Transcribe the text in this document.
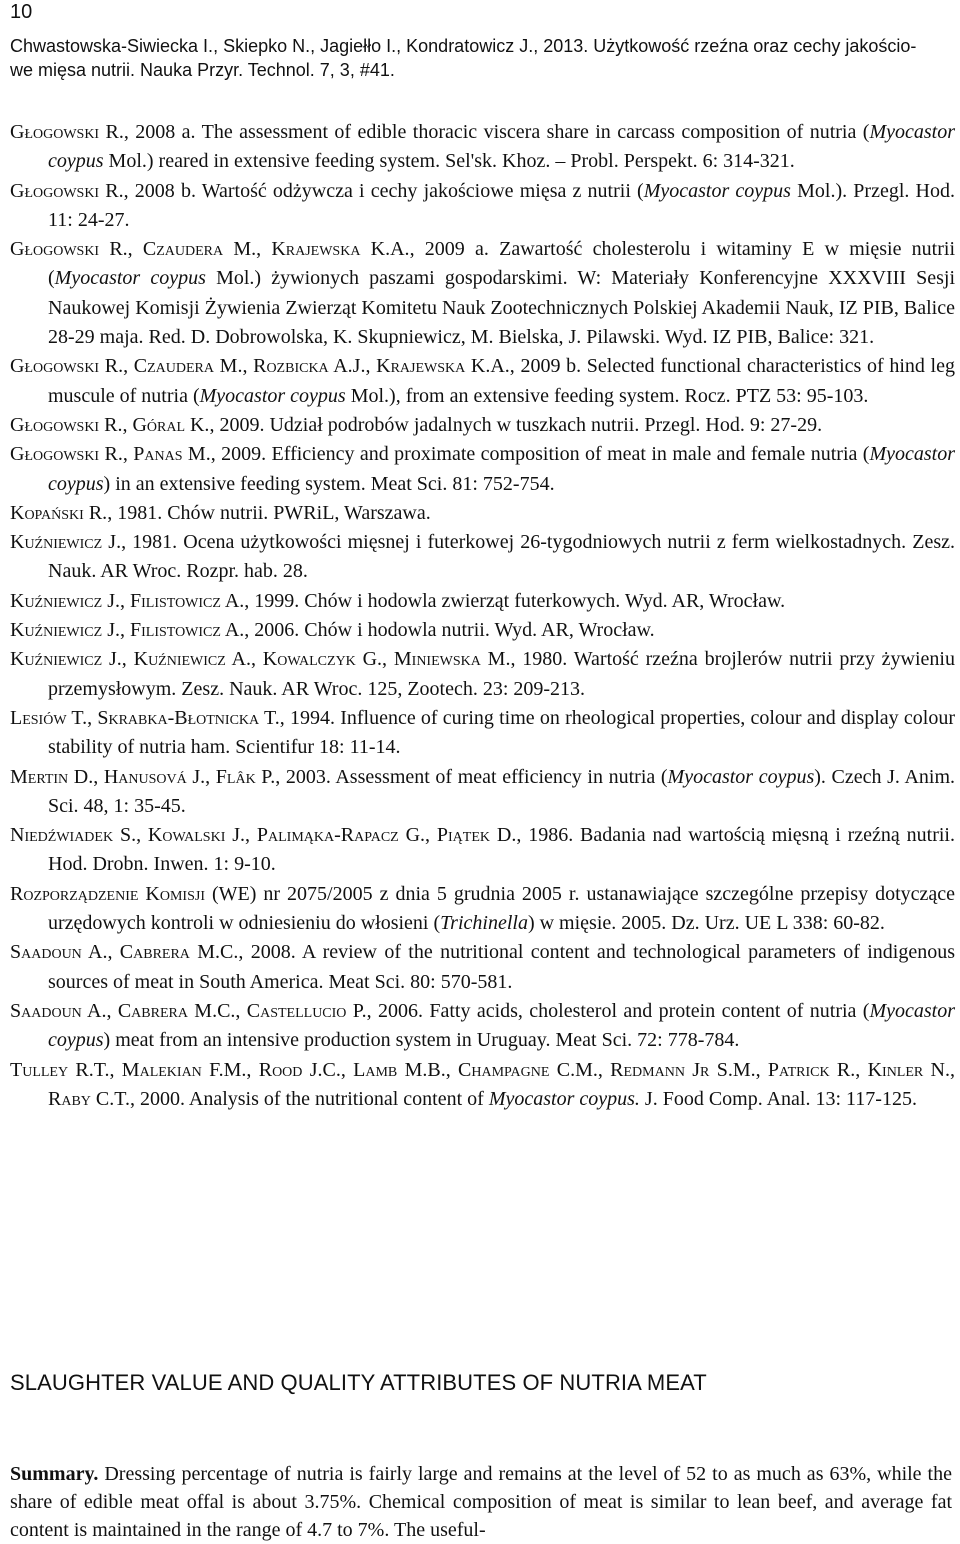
10
Chwastowska-Siwiecka I., Skiepko N., Jagiełło I., Kondratowicz J., 2013. Użytkowość rzeźna oraz cechy jakościo-
we mięsa nutrii. Nauka Przyr. Technol. 7, 3, #41.

Głogowski R., 2008 a. The assessment of edible thoracic viscera share in carcass composition of nutria (Myocastor coypus Mol.) reared in extensive feeding system. Sel'sk. Khoz. – Probl. Perspekt. 6: 314-321.

Głogowski R., 2008 b. Wartość odżywcza i cechy jakościowe mięsa z nutrii (Myocastor coypus Mol.). Przegl. Hod. 11: 24-27.

Głogowski R., Czaudera M., Krajewska K.A., 2009 a. Zawartość cholesterolu i witaminy E w mięsie nutrii (Myocastor coypus Mol.) żywionych paszami gospodarskimi. W: Materiały Konferencyjne XXXVIII Sesji Naukowej Komisji Żywienia Zwierząt Komitetu Nauk Zootechnicznych Polskiej Akademii Nauk, IZ PIB, Balice 28-29 maja. Red. D. Dobrowolska, K. Skupniewicz, M. Bielska, J. Pilawski. Wyd. IZ PIB, Balice: 321.

Głogowski R., Czaudera M., Rozbicka A.J., Krajewska K.A., 2009 b. Selected functional characteristics of hind leg muscule of nutria (Myocastor coypus Mol.), from an extensive feeding system. Rocz. PTZ 53: 95-103.

Głogowski R., Góral K., 2009. Udział podrobów jadalnych w tuszkach nutrii. Przegl. Hod. 9: 27-29.

Głogowski R., Panas M., 2009. Efficiency and proximate composition of meat in male and female nutria (Myocastor coypus) in an extensive feeding system. Meat Sci. 81: 752-754.

Kopański R., 1981. Chów nutrii. PWRiL, Warszawa.

Kuźniewicz J., 1981. Ocena użytkowości mięsnej i futerkowej 26-tygodniowych nutrii z ferm wielkostadnych. Zesz. Nauk. AR Wroc. Rozpr. hab. 28.

Kuźniewicz J., Filistowicz A., 1999. Chów i hodowla zwierząt futerkowych. Wyd. AR, Wrocław.

Kuźniewicz J., Filistowicz A., 2006. Chów i hodowla nutrii. Wyd. AR, Wrocław.

Kuźniewicz J., Kuźniewicz A., Kowalczyk G., Miniewska M., 1980. Wartość rzeźna brojlerów nutrii przy żywieniu przemysłowym. Zesz. Nauk. AR Wroc. 125, Zootech. 23: 209-213.

Lesiów T., Skrabka-Błotnicka T., 1994. Influence of curing time on rheological properties, colour and display colour stability of nutria ham. Scientifur 18: 11-14.

Mertin D., Hanusová J., Flâk P., 2003. Assessment of meat efficiency in nutria (Myocastor coypus). Czech J. Anim. Sci. 48, 1: 35-45.

Niedźwiadek S., Kowalski J., Palimąka-Rapacz G., Piątek D., 1986. Badania nad wartością mięsną i rzeźną nutrii. Hod. Drobn. Inwen. 1: 9-10.

Rozporządzenie Komisji (WE) nr 2075/2005 z dnia 5 grudnia 2005 r. ustanawiające szczególne przepisy dotyczące urzędowych kontroli w odniesieniu do włosieni (Trichinella) w mięsie. 2005. Dz. Urz. UE L 338: 60-82.

Saadoun A., Cabrera M.C., 2008. A review of the nutritional content and technological parameters of indigenous sources of meat in South America. Meat Sci. 80: 570-581.

Saadoun A., Cabrera M.C., Castellucio P., 2006. Fatty acids, cholesterol and protein content of nutria (Myocastor coypus) meat from an intensive production system in Uruguay. Meat Sci. 72: 778-784.

Tulley R.T., Malekian F.M., Rood J.C., Lamb M.B., Champagne C.M., Redmann Jr S.M., Patrick R., Kinler N., Raby C.T., 2000. Analysis of the nutritional content of Myocastor coypus. J. Food Comp. Anal. 13: 117-125.

SLAUGHTER VALUE AND QUALITY ATTRIBUTES OF NUTRIA MEAT
Summary. Dressing percentage of nutria is fairly large and remains at the level of 52 to as much as 63%, while the share of edible meat offal is about 3.75%. Chemical composition of meat is similar to lean beef, and average fat content is maintained in the range of 4.7 to 7%. The useful-
